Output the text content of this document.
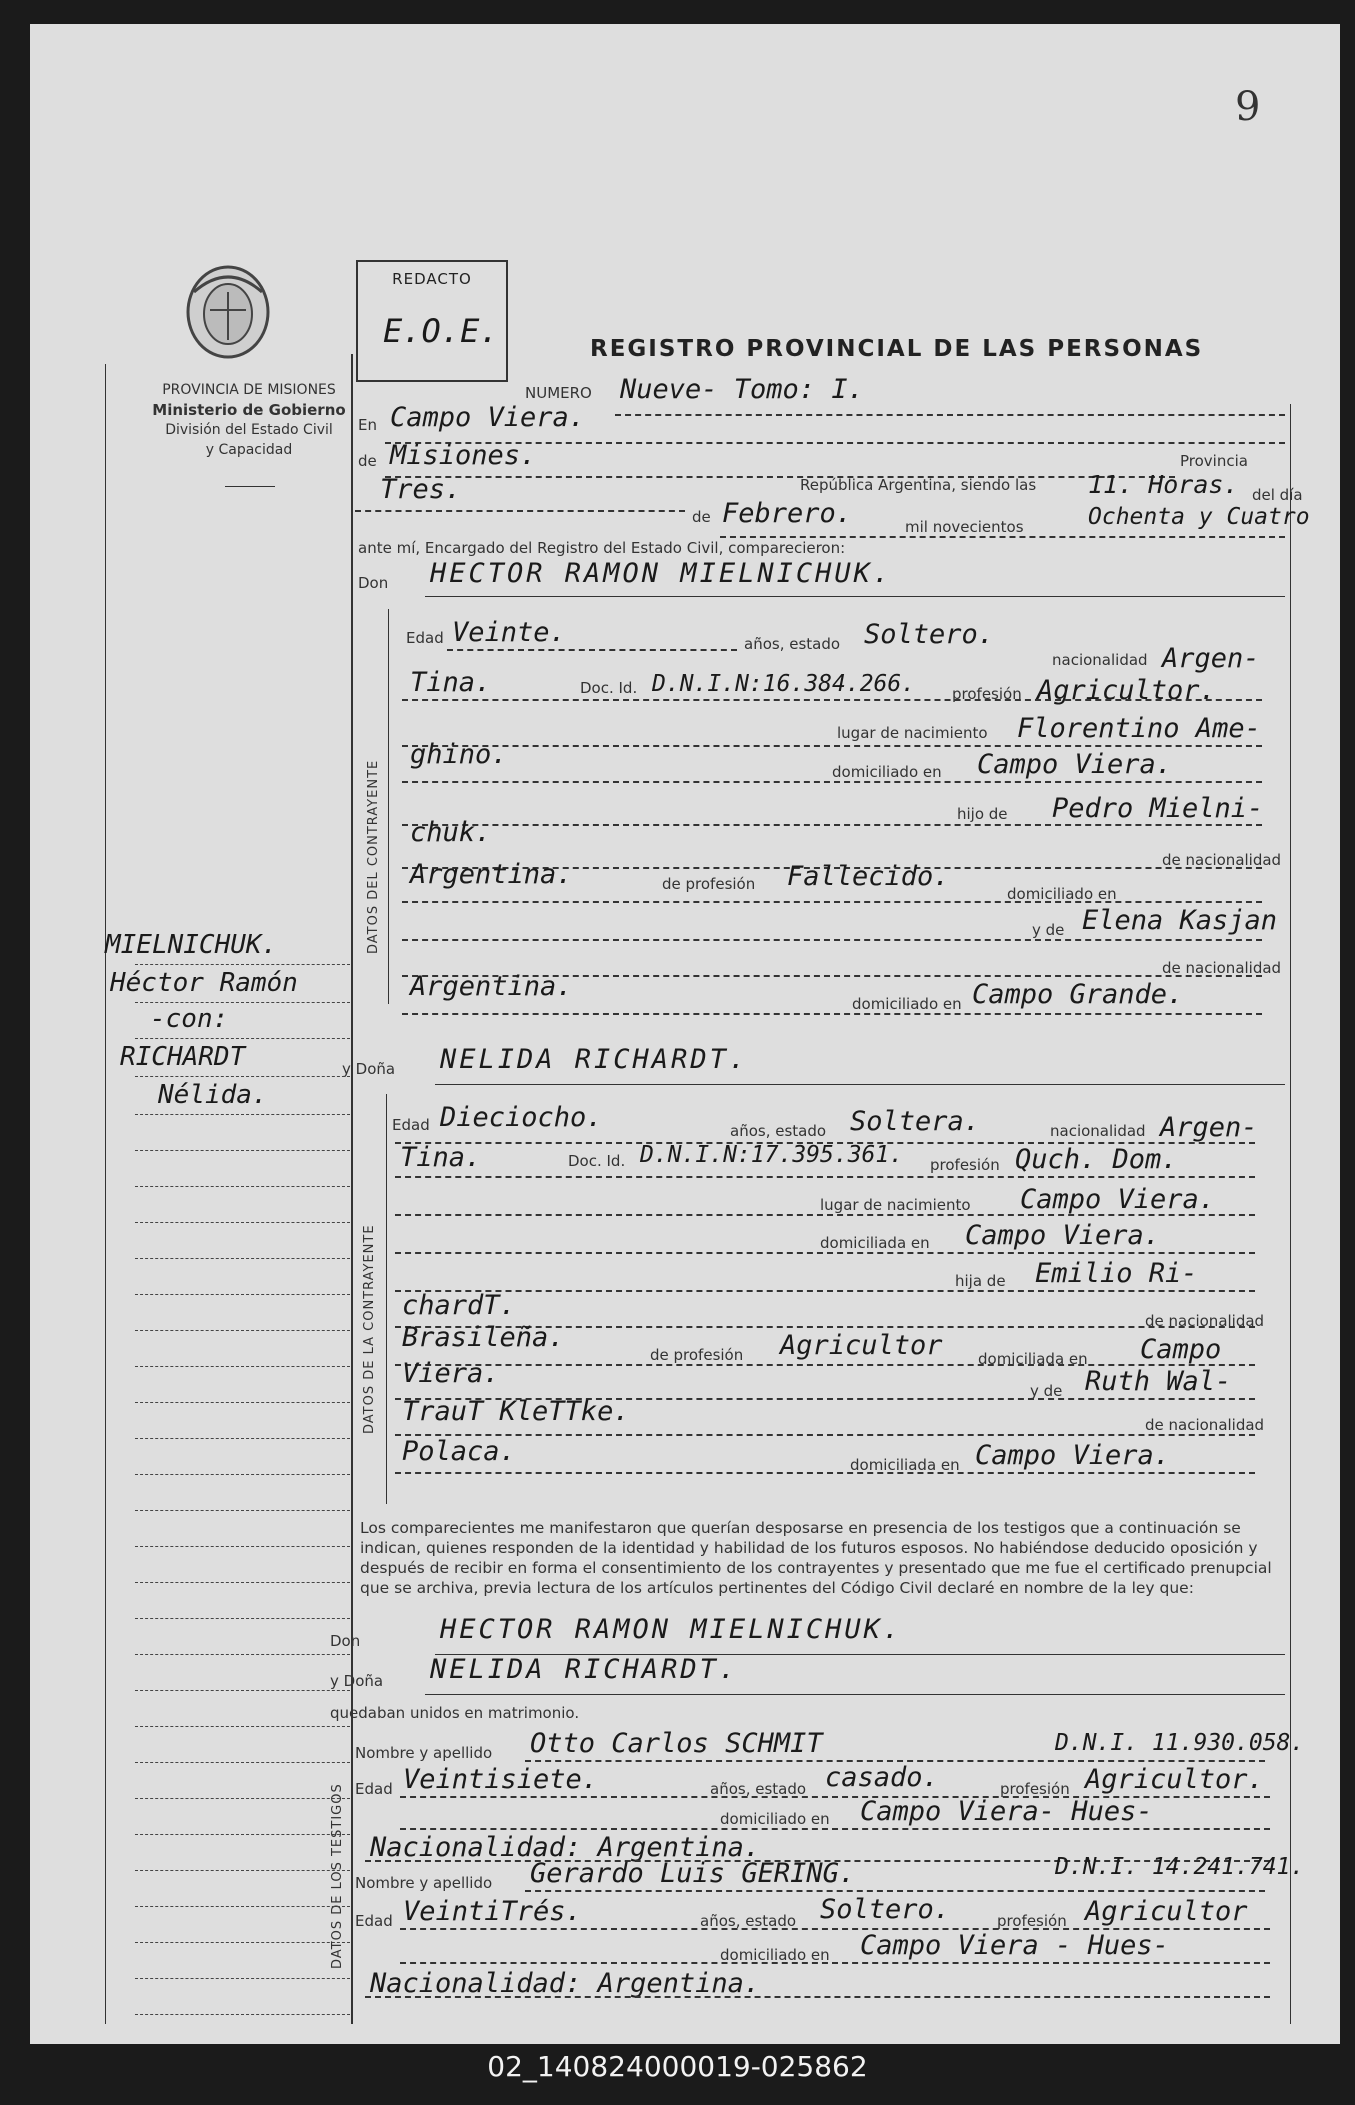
9
PROVINCIA DE MISIONES
Ministerio de Gobierno
División del Estado Civil
y Capacidad
REDACTO
E.O.E.	REGISTRO PROVINCIAL DE LAS PERSONAS
NUMERO Nueve- Tomo: I.
En Campo Viera.
de Misiones.	Provincia
Tres.	República Argentina, siendo las 11. Horas. del día
de Febrero.	mil novecientos	Ochenta y Cuatro
ante mí, Encargado del Registro del Estado Civil, comparecieron:
Don HECTOR RAMON MIELNICHUK.
DATOS DEL CONTRAYENTE
Edad Veinte.	años, estado Soltero.
nacionalidad Argen-
Tina.	Doc. Id. D.N.I.N:16.384.266. profesión Agricultor.
lugar de nacimiento Florentino Ame-
ghino.
domiciliado en Campo Viera.
hijo de Pedro Mielni-
chuk.
de nacionalidad
Argentina.	de profesión Fallecido.
domiciliado en
y de Elena Kasjan
de nacionalidad
Argentina.
domiciliado en Campo Grande.
y Doña NELIDA RICHARDT.
DATOS DE LA CONTRAYENTE
Edad Dieciocho.	años, estado Soltera.	nacionalidad Argen-
Tina.	Doc. Id. D.N.I.N:17.395.361. profesión Quch. Dom.
lugar de nacimiento Campo Viera.
domiciliada en Campo Viera.
hija de Emilio Ri-
chardT.	de nacionalidad
Brasileña.
de profesión Agricultor domiciliada en Campo
Viera.
y de Ruth Wal-
TrauT KleTTke.	de nacionalidad
Polaca.	domiciliada en Campo Viera.
Los comparecientes me manifestaron que querían desposarse en presencia de los testigos que a continuación se indican, quienes responden de la identidad y habilidad de los futuros esposos. No habiéndose deducido oposición y después de recibir en forma el consentimiento de los contrayentes y presentado que me fue el certificado prenupcial que se archiva, previa lectura de los artículos pertinentes del Código Civil declaré en nombre de la ley que:
Don	HECTOR RAMON MIELNICHUK.
y Doña NELIDA RICHARDT.
quedaban unidos en matrimonio.
DATOS DE LOS TESTIGOS
Nombre y apellido Otto Carlos SCHMIT	D.N.I. 11.930.058.
Edad Veintisiete.	años, estado casado.	profesión Agricultor.
domiciliado en Campo Viera- Hues-
Nacionalidad: Argentina.
Nombre y apellido Gerardo Luis GERING.	D.N.I. 14.241.741.
Edad VeintiTrés.	años, estado Soltero.	profesión Agricultor
domiciliado en Campo Viera - Hues-
Nacionalidad: Argentina.
MIELNICHUK.
Héctor Ramón
-con:
RICHARDT
Nélida.
02_140824000019-025862
